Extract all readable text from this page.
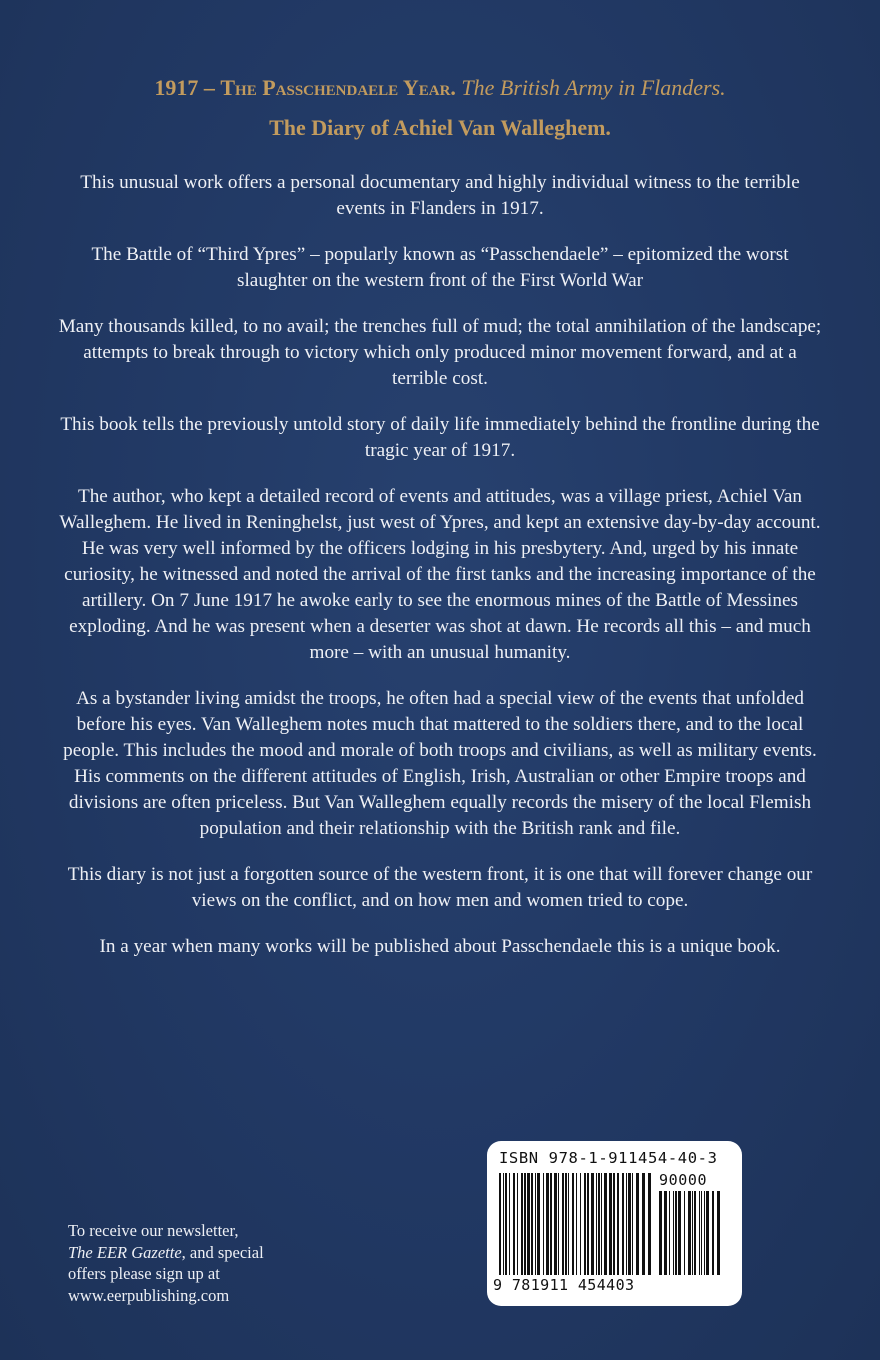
1917 – The Passchendaele Year. The British Army in Flanders.
The Diary of Achiel Van Walleghem.

This unusual work offers a personal documentary and highly individual witness to the terrible events in Flanders in 1917.

The Battle of “Third Ypres” – popularly known as “Passchendaele” – epitomized the worst slaughter on the western front of the First World War

Many thousands killed, to no avail; the trenches full of mud; the total annihilation of the landscape; attempts to break through to victory which only produced minor movement forward, and at a terrible cost.

This book tells the previously untold story of daily life immediately behind the frontline during the tragic year of 1917.

The author, who kept a detailed record of events and attitudes, was a village priest, Achiel Van Walleghem. He lived in Reninghelst, just west of Ypres, and kept an extensive day-by-day account. He was very well informed by the officers lodging in his presbytery. And, urged by his innate curiosity, he witnessed and noted the arrival of the first tanks and the increasing importance of the artillery. On 7 June 1917 he awoke early to see the enormous mines of the Battle of Messines exploding. And he was present when a deserter was shot at dawn. He records all this – and much more – with an unusual humanity.

As a bystander living amidst the troops, he often had a special view of the events that unfolded before his eyes. Van Walleghem notes much that mattered to the soldiers there, and to the local people. This includes the mood and morale of both troops and civilians, as well as military events. His comments on the different attitudes of English, Irish, Australian or other Empire troops and divisions are often priceless. But Van Walleghem equally records the misery of the local Flemish population and their relationship with the British rank and file.

This diary is not just a forgotten source of the western front, it is one that will forever change our views on the conflict, and on how men and women tried to cope.

In a year when many works will be published about Passchendaele this is a unique book.

To receive our newsletter,
The EER Gazette, and special
offers please sign up at
www.eerpublishing.com
ISBN 978-1-911454-40-3
90000
9 781911 454403
